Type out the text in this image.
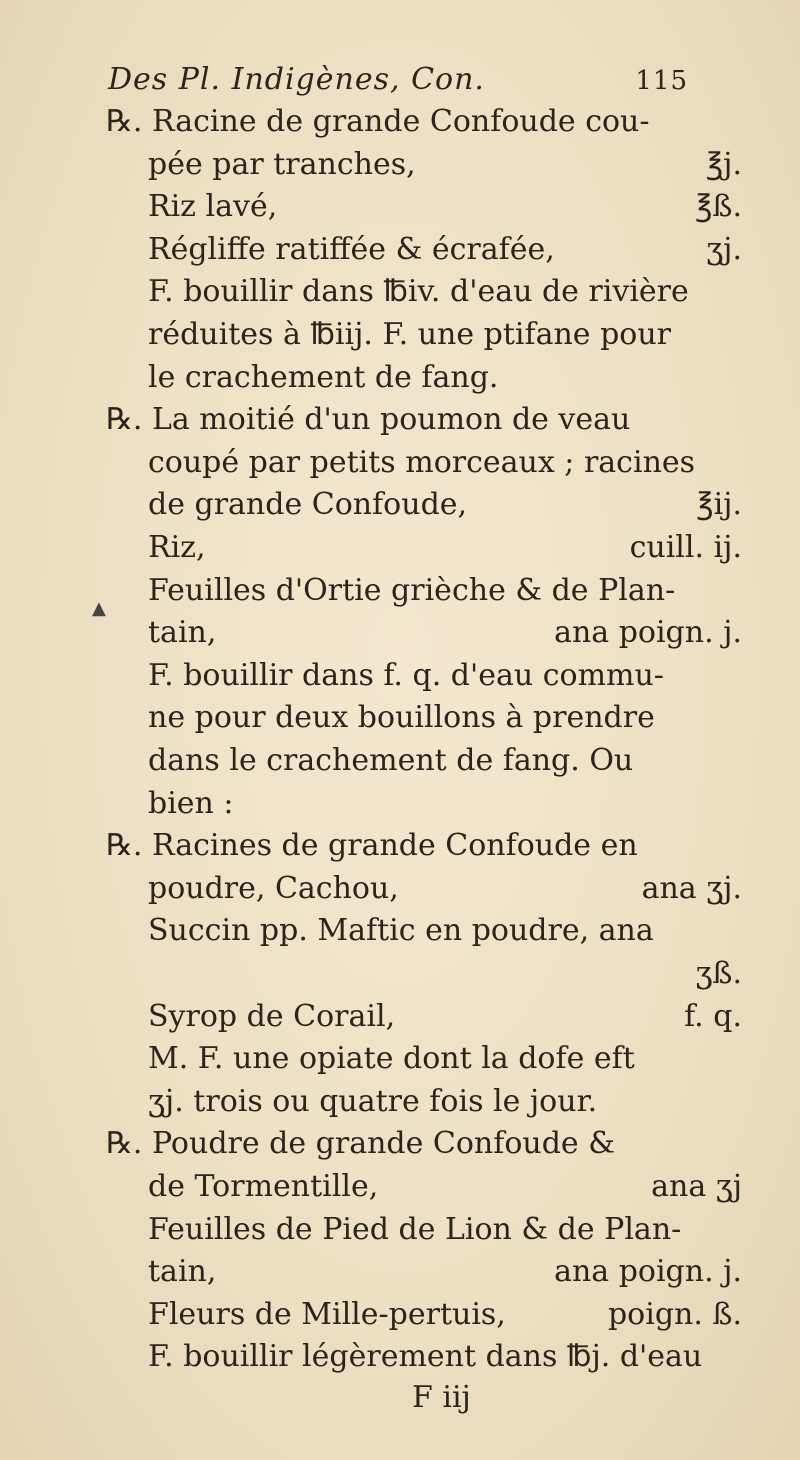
Des Pl. Indigènes, Con.	115
▲
℞. Racine de grande Confoude cou-
pée par tranches,	℥j.
Riz lavé,	℥ß.
Régliffe ratiffée & écrafée,	ʒj.
F. bouillir dans ℔iv. d'eau de rivière
réduites à ℔iij. F. une ptifane pour
le crachement de fang.
℞. La moitié d'un poumon de veau
coupé par petits morceaux ; racines
de grande Confoude,	℥ij.
Riz,	cuill. ij.
Feuilles d'Ortie grièche & de Plan-
tain,	ana poign. j.
F. bouillir dans f. q. d'eau commu-
ne pour deux bouillons à prendre
dans le crachement de fang. Ou
bien :
℞. Racines de grande Confoude en
poudre, Cachou,	ana ʒj.
Succin pp. Maftic en poudre, ana
ʒß.
Syrop de Corail,	f. q.
M. F. une opiate dont la dofe eft
ʒj. trois ou quatre fois le jour.
℞. Poudre de grande Confoude &
de Tormentille,	ana ʒj
Feuilles de Pied de Lion & de Plan-
tain,	ana poign. j.
Fleurs de Mille-pertuis,	poign. ß.
F. bouillir légèrement dans ℔j. d'eau
F iij
